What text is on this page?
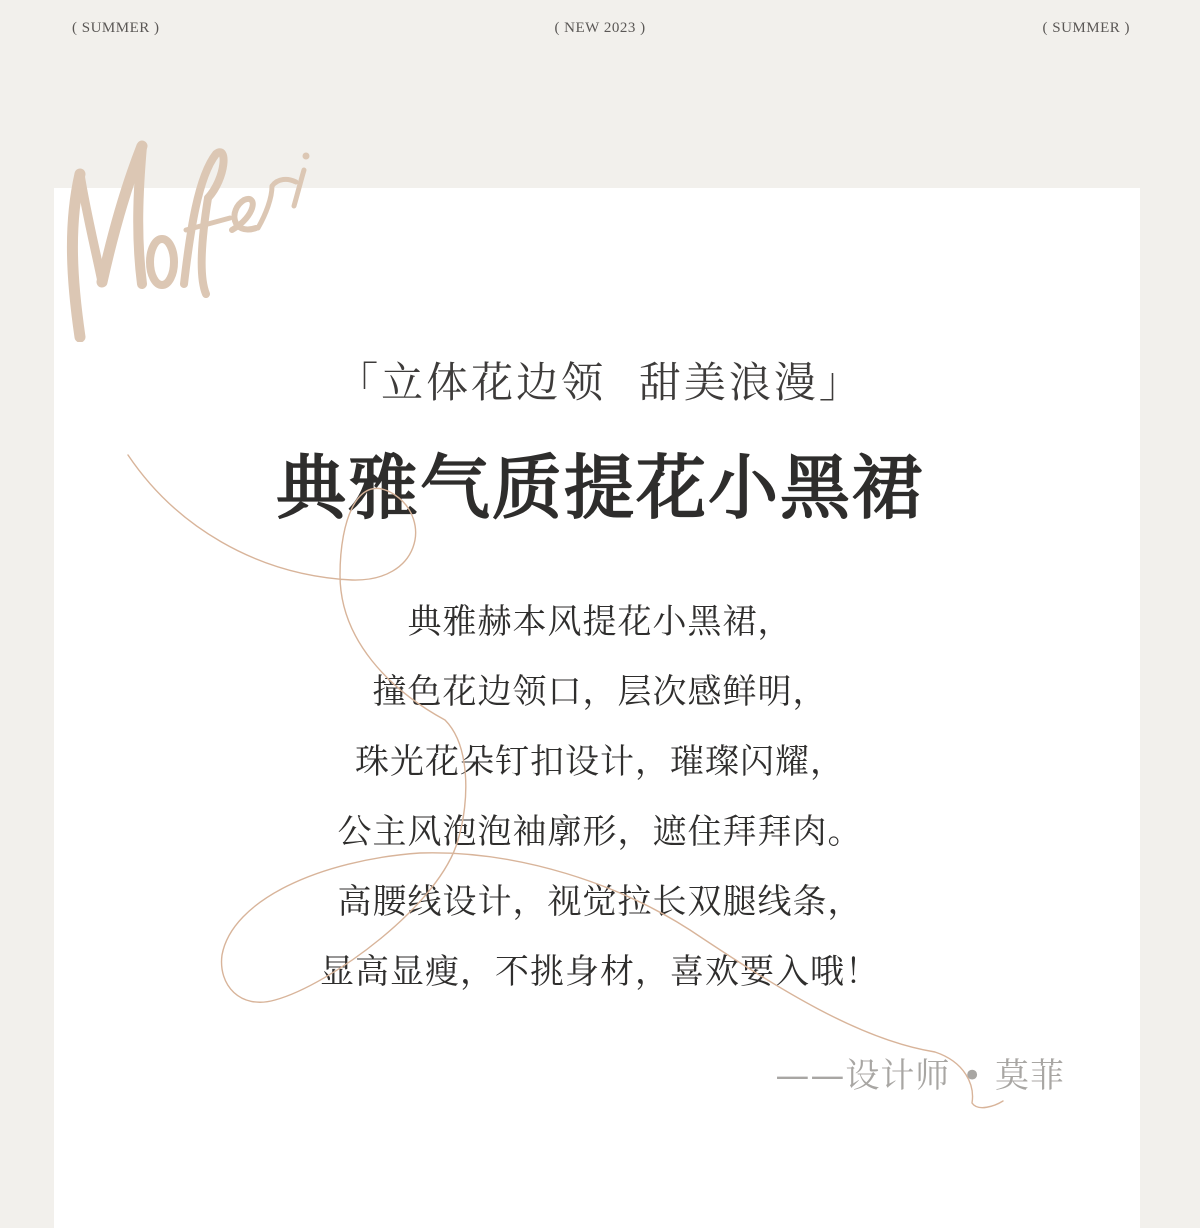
( SUMMER )	( NEW 2023 )	( SUMMER )
「立体花边领  甜美浪漫」
典雅气质提花小黑裙
典雅赫本风提花小黑裙，
撞色花边领口，层次感鲜明，
珠光花朵钉扣设计，璀璨闪耀，
公主风泡泡袖廓形，遮住拜拜肉。
高腰线设计，视觉拉长双腿线条，
显高显瘦，不挑身材，喜欢要入哦！
——设计师 • 莫菲
